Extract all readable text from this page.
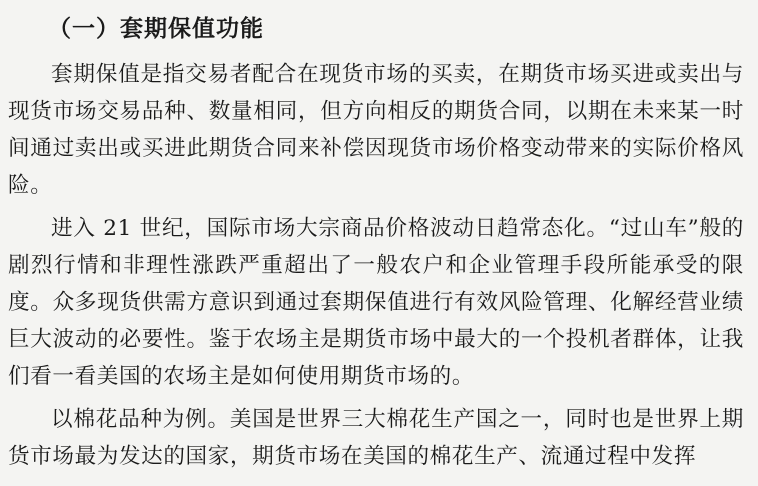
（一）套期保值功能

套期保值是指交易者配合在现货市场的买卖，在期货市场买进或卖出与现货市场交易品种、数量相同，但方向相反的期货合同，以期在未来某一时间通过卖出或买进此期货合同来补偿因现货市场价格变动带来的实际价格风险。

进入 21 世纪，国际市场大宗商品价格波动日趋常态化。“过山车”般的剧烈行情和非理性涨跌严重超出了一般农户和企业管理手段所能承受的限度。众多现货供需方意识到通过套期保值进行有效风险管理、化解经营业绩巨大波动的必要性。鉴于农场主是期货市场中最大的一个投机者群体，让我们看一看美国的农场主是如何使用期货市场的。

以棉花品种为例。美国是世界三大棉花生产国之一，同时也是世界上期货市场最为发达的国家，期货市场在美国的棉花生产、流通过程中发挥
